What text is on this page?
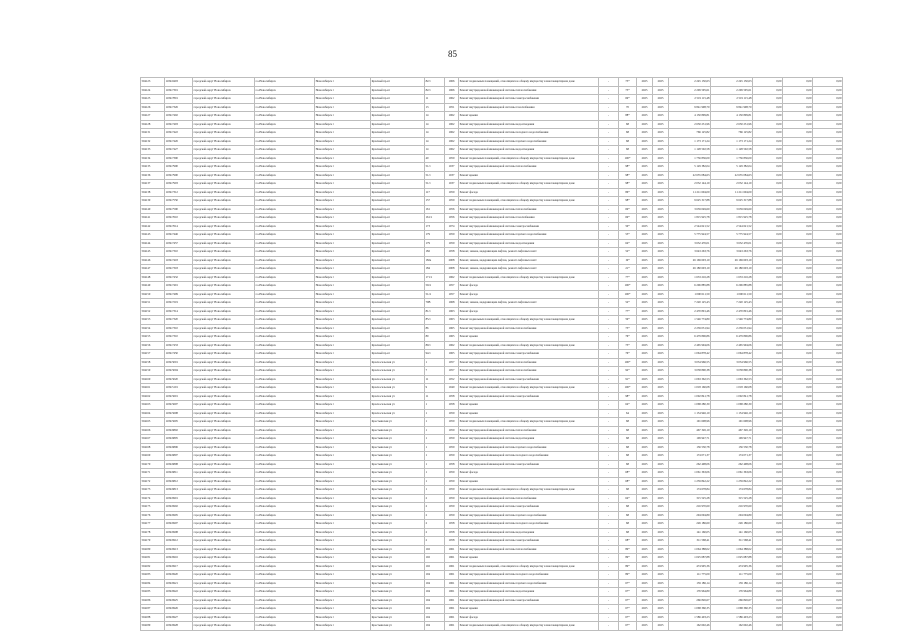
85
504123	1184/0403	городской округ Новосибирск	г.о.Новосибирск	Новосибирск г	Красный пр-кт	82/1	1966	Ремонт подвальных помещений, относящихся к общему имуществу в многоквартирном доме	-	75*	2025	2025	2 245 150,63	2 245 150,63	0,00	0,00	0,00
504124	1184/7301	городской округ Новосибирск	г.о.Новосибирск	Новосибирск г	Красный пр-кт	82/1	1966	Ремонт внутридомовой инженерной системы теплоснабжения	-	75*	2025	2025	2 209 595,61	2 209 595,61	0,00	0,00	0,00
504125	1184/7801	городской округ Новосибирск	г.о.Новосибирск	Новосибирск г	Красный пр-кт	11	1962	Ремонт внутридомовой инженерной системы электроснабжения	-	69*	2025	2025	2 519 115,48	2 519 115,48	0,00	0,00	0,00
504126	1184/7326	городской округ Новосибирск	г.о.Новосибирск	Новосибирск г	Красный пр-кт	13	1951	Ремонт внутридомовой инженерной системы газоснабжения	-	70	2025	2025	9 841 998,70	9 841 998,70	0,00	0,00	0,00
504127	1184/7402	городской округ Новосибирск	г.о.Новосибирск	Новосибирск г	Красный пр-кт	14	1962	Ремонт крыши	-	88*	2025	2025	4 150 899,81	4 150 899,81	0,00	0,00	0,00
504128	1184/7403	городской округ Новосибирск	г.о.Новосибирск	Новосибирск г	Красный пр-кт	14	1962	Ремонт внутридомовой инженерной системы водоотведения	-	68	2025	2025	2 650 231,96	2 650 231,96	0,00	0,00	0,00
504131	1184/7422	городской округ Новосибирск	г.о.Новосибирск	Новосибирск г	Красный пр-кт	14	1962	Ремонт внутридомовой инженерной системы холодного водоснабжения	-	68	2025	2025	766 125,82	766 125,82	0,00	0,00	0,00
504132	1184/7426	городской округ Новосибирск	г.о.Новосибирск	Новосибирск г	Красный пр-кт	14	1962	Ремонт внутридомовой инженерной системы горячего водоснабжения	-	68	2025	2025	1 173 171,24	1 173 171,24	0,00	0,00	0,00
504133	1184/7427	городской округ Новосибирск	г.о.Новосибирск	Новосибирск г	Красный пр-кт	14	1962	Ремонт внутридомовой инженерной системы водоотведения	-	68	2025	2025	1 128 502,58	1 128 502,58	0,00	0,00	0,00
504134	1184/7390	городской округ Новосибирск	г.о.Новосибирск	Новосибирск г	Красный пр-кт	40	1959	Ремонт подвальных помещений, относящихся к общему имуществу в многоквартирном доме	-	100*	2025	2025	1 756 836,09	1 756 836,09	0,00	0,00	0,00
504135	1184/7900	городской округ Новосибирск	г.о.Новосибирск	Новосибирск г	Красный пр-кт	51/1	1937	Ремонт внутридомовой инженерной системы теплоснабжения	-	98*	2025	2025	5 129 382,04	5 129 382,04	0,00	0,00	0,00
504136	1184/7900	городской округ Новосибирск	г.о.Новосибирск	Новосибирск г	Красный пр-кт	51/1	1937	Ремонт крыши	-	98*	2025	2025	22 655 084,63	22 655 084,63	0,00	0,00	0,00
504137	1184/7903	городской округ Новосибирск	г.о.Новосибирск	Новосибирск г	Красный пр-кт	51/1	1937	Ремонт подвальных помещений, относящихся к общему имуществу в многоквартирном доме	-	98*	2025	2025	2 032 144,19	2 032 144,19	0,00	0,00	0,00
504138	1184/7312	городской округ Новосибирск	г.о.Новосибирск	Новосибирск г	Красный пр-кт	117	1959	Ремонт фасада	-	86*	2025	2025	11 211 604,09	11 211 604,09	0,00	0,00	0,00
504139	1184/7550	городской округ Новосибирск	г.о.Новосибирск	Новосибирск г	Красный пр-кт	157	1959	Ремонт подвальных помещений, относящихся к общему имуществу в многоквартирном доме	-	98*	2025	2025	9 625 317,88	9 625 317,88	0,00	0,00	0,00
504140	1184/7590	городской округ Новосибирск	г.о.Новосибирск	Новосибирск г	Красный пр-кт	161	1956	Ремонт внутридомовой инженерной системы теплоснабжения	-	69*	2025	2025	3 659 049,60	3 659 049,60	0,00	0,00	0,00
504141	1184/7610	городской округ Новосибирск	г.о.Новосибирск	Новосибирск г	Красный пр-кт	161/1	1956	Ремонт внутридомовой инженерной системы газоснабжения	-	69*	2025	2025	1 815 925,78	1 815 925,78	0,00	0,00	0,00
504142	1184/7614	городской округ Новосибирск	г.о.Новосибирск	Новосибирск г	Красный пр-кт	173	1974	Ремонт внутридомовой инженерной системы электроснабжения	-	50*	2025	2025	2 544 621,52	2 544 621,52	0,00	0,00	0,00
504143	1184/7446	городской округ Новосибирск	г.о.Новосибирск	Новосибирск г	Красный пр-кт	179	1959	Ремонт внутридомовой инженерной системы горячего водоснабжения	-	55*	2025	2025	5 775 924,57	5 775 924,57	0,00	0,00	0,00
504144	1184/7457	городской округ Новосибирск	г.о.Новосибирск	Новосибирск г	Красный пр-кт	179	1959	Ремонт внутридомовой инженерной системы водоотведения	-	64*	2025	2025	3 632 476,01	3 632 476,01	0,00	0,00	0,00
504145	1184/7310	городской округ Новосибирск	г.о.Новосибирск	Новосибирск г	Красный пр-кт	182	1958	Ремонт, замена, модернизация лифтов, ремонт лифтовых шахт	-	52*	2025	2025	3 643 263,76	3 643 263,76	0,00	0,00	0,00
504146	1184/7418	городской округ Новосибирск	г.о.Новосибирск	Новосибирск г	Красный пр-кт	182а	2008	Ремонт, замена, модернизация лифтов, ремонт лифтовых шахт	-	19*	2025	2025	26 169 603,19	26 169 603,19	0,00	0,00	0,00
504147	1184/7318	городской округ Новосибирск	г.о.Новосибирск	Новосибирск г	Красный пр-кт	184	2008	Ремонт, замена, модернизация лифтов, ремонт лифтовых шахт	-	21*	2025	2025	26 180 603,19	26 180 603,19	0,00	0,00	0,00
504148	1184/7432	городской округ Новосибирск	г.о.Новосибирск	Новосибирск г	Красный пр-кт	171/1	1962	Ремонт подвальных помещений, относящихся к общему имуществу в многоквартирном доме	-	77*	2025	2025	1 633 216,28	1 633 216,28	0,00	0,00	0,00
504149	1184/7491	городской округ Новосибирск	г.о.Новосибирск	Новосибирск г	Красный пр-кт	50/4	1957	Ремонт фасада	-	100*	2025	2025	6 206 885,88	6 206 885,88	0,00	0,00	0,00
504150	1184/7499	городской округ Новосибирск	г.о.Новосибирск	Новосибирск г	Красный пр-кт	51/4	1957	Ремонт фасада	-	100*	2025	2025	1 090 611,50	1 090 611,50	0,00	0,00	0,00
504151	1184/7219	городской округ Новосибирск	г.о.Новосибирск	Новосибирск г	Красный пр-кт	79В	1968	Ремонт, замена, модернизация лифтов, ремонт лифтовых шахт	-	52*	2025	2025	7 220 125,43	7 220 125,43	0,00	0,00	0,00
504152	1184/7314	городской округ Новосибирск	г.о.Новосибирск	Новосибирск г	Красный пр-кт	81/1	1963	Ремонт фасада	-	77*	2025	2025	2 470 801,46	2 470 801,46	0,00	0,00	0,00
504153	1184/7320	городской округ Новосибирск	г.о.Новосибирск	Новосибирск г	Красный пр-кт	85/1	1963	Ремонт подвальных помещений, относящихся к общему имуществу в многоквартирном доме	-	59*	2025	2025	1 546 774,80	1 546 774,80	0,00	0,00	0,00
504154	1184/7310	городской округ Новосибирск	г.о.Новосибирск	Новосибирск г	Красный пр-кт	86	1965	Ремонт внутридомовой инженерной системы теплоснабжения	-	75*	2025	2025	2 239 031,94	2 239 031,94	0,00	0,00	0,00
504155	1184/7310	городской округ Новосибирск	г.о.Новосибирск	Новосибирск г	Красный пр-кт	89	1965	Ремонт крыши	-	76*	2025	2025	6 479 806,86	6 479 806,86	0,00	0,00	0,00
504156	1184/7433	городской округ Новосибирск	г.о.Новосибирск	Новосибирск г	Красный пр-кт	89/1	1962	Ремонт подвальных помещений, относящихся к общему имуществу в многоквартирном доме	-	75*	2025	2025	2 465 994,06	2 465 994,06	0,00	0,00	0,00
504157	1184/7450	городской округ Новосибирск	г.о.Новосибирск	Новосибирск г	Красный пр-кт	94/1	1965	Ремонт внутридомовой инженерной системы электроснабжения	-	76*	2025	2025	1 064 878,42	1 064 878,42	0,00	0,00	0,00
504158	1184/5001	городской округ Новосибирск	г.о.Новосибирск	Новосибирск г	Красносельская ул	1	1957	Ремонт внутридомовой инженерной системы теплоснабжения	-	100*	2025	2025	3 034 966,55	3 034 966,55	0,00	0,00	0,00
504159	1184/5004	городской округ Новосибирск	г.о.Новосибирск	Новосибирск г	Красносельская ул	7	1957	Ремонт внутридомовой инженерной системы теплоснабжения	-	92*	2025	2025	3 058 890,38	3 058 890,38	0,00	0,00	0,00
504160	1184/5020	городской округ Новосибирск	г.о.Новосибирск	Новосибирск г	Красносельская ул	11	1952	Ремонт внутридомовой инженерной системы электроснабжения	-	91*	2025	2025	1 063 362,53	1 063 362,53	0,00	0,00	0,00
504161	1184/5101	городской округ Новосибирск	г.о.Новосибирск	Новосибирск г	Красносельская ул	9	1940	Ремонт подвальных помещений, относящихся к общему имуществу в многоквартирном доме	-	100*	2025	2025	1 018 160,08	1 018 160,08	0,00	0,00	0,00
504162	1184/5601	городской округ Новосибирск	г.о.Новосибирск	Новосибирск г	Красносельская ул	11	1958	Ремонт внутридомовой инженерной системы электроснабжения	-	98*	2025	2025	1 002 841,78	1 002 841,78	0,00	0,00	0,00
504163	1184/5607	городской округ Новосибирск	г.о.Новосибирск	Новосибирск г	Красносельская ул	1	1958	Ремонт крыши	-	64*	2025	2025	1 068 280,30	1 068 280,30	0,00	0,00	0,00
504164	1184/5608	городской округ Новосибирск	г.о.Новосибирск	Новосибирск г	Красносельская ул	1	1959	Ремонт крыши	-	64	2025	2025	1 154 946,10	1 154 946,10	0,00	0,00	0,00
504165	1184/5605	городской округ Новосибирск	г.о.Новосибирск	Новосибирск г	Крестьянская ул	1	1959	Ремонт подвальных помещений, относящихся к общему имуществу в многоквартирном доме	-	68	2025	2025	191 608,96	191 608,96	0,00	0,00	0,00
504166	1184/6802	городской округ Новосибирск	г.о.Новосибирск	Новосибирск г	Крестьянская ул	1	1959	Ремонт внутридомовой инженерной системы теплоснабжения	-	68	2025	2025	467 326,10	467 326,10	0,00	0,00	0,00
504167	1184/6805	городской округ Новосибирск	г.о.Новосибирск	Новосибирск г	Крестьянская ул	1	1959	Ремонт внутридомовой инженерной системы водоотведения	-	68	2025	2025	109 947,71	109 947,71	0,00	0,00	0,00
504168	1184/6806	городской округ Новосибирск	г.о.Новосибирск	Новосибирск г	Крестьянская ул	1	1959	Ремонт внутридомовой инженерной системы горячего водоснабжения	-	68	2025	2025	156 530,78	156 530,78	0,00	0,00	0,00
504169	1184/6807	городской округ Новосибирск	г.о.Новосибирск	Новосибирск г	Крестьянская ул	1	1959	Ремонт внутридомовой инженерной системы холодного водоснабжения	-	68	2025	2025	174 071,37	174 071,37	0,00	0,00	0,00
504170	1184/6808	городской округ Новосибирск	г.о.Новосибирск	Новосибирск г	Крестьянская ул	1	1958	Ремонт внутридомовой инженерной системы электроснабжения	-	68	2025	2025	262 498,06	262 498,06	0,00	0,00	0,00
504171	1184/6811	городской округ Новосибирск	г.о.Новосибирск	Новосибирск г	Крестьянская ул	1	1959	Ремонт фасада	-	68*	2025	2025	1 061 363,06	1 061 363,06	0,00	0,00	0,00
504172	1184/6812	городской округ Новосибирск	г.о.Новосибирск	Новосибирск г	Крестьянская ул	1	1959	Ремонт крыши	-	68*	2025	2025	1 259 842,22	1 259 842,22	0,00	0,00	0,00
504173	1184/6813	городской округ Новосибирск	г.о.Новосибирск	Новосибирск г	Крестьянская ул	1	1959	Ремонт подвальных помещений, относящихся к общему имуществу в многоквартирном доме	-	68	2025	2025	174 678,84	174 678,84	0,00	0,00	0,00
504174	1184/6901	городской округ Новосибирск	г.о.Новосибирск	Новосибирск г	Крестьянская ул	2	1959	Ремонт внутридомовой инженерной системы теплоснабжения	-	64*	2025	2025	315 525,28	315 525,28	0,00	0,00	0,00
504175	1184/6902	городской округ Новосибирск	г.о.Новосибирск	Новосибирск г	Крестьянская ул	2	1959	Ремонт внутридомовой инженерной системы электроснабжения	-	68	2025	2025	216 970,60	216 970,60	0,00	0,00	0,00
504176	1184/6905	городской округ Новосибирск	г.о.Новосибирск	Новосибирск г	Крестьянская ул	2	1959	Ремонт внутридомовой инженерной системы горячего водоснабжения	-	68	2025	2025	204 094,89	204 094,89	0,00	0,00	0,00
504177	1184/6907	городской округ Новосибирск	г.о.Новосибирск	Новосибирск г	Крестьянская ул	2	1958	Ремонт внутридомовой инженерной системы холодного водоснабжения	-	68	2025	2025	226 186,60	226 186,60	0,00	0,00	0,00
504178	1184/6908	городской округ Новосибирск	г.о.Новосибирск	Новосибирск г	Крестьянская ул	2	1958	Ремонт внутридомовой инженерной системы водоотведения	-	68	2025	2025	141 160,05	141 160,05	0,00	0,00	0,00
504179	1184/6912	городской округ Новосибирск	г.о.Новосибирск	Новосибирск г	Крестьянская ул	2	1958	Ремонт внутридомовой инженерной системы электроснабжения	-	68*	2025	2025	311 568,41	311 568,41	0,00	0,00	0,00
504180	1184/6913	городской округ Новосибирск	г.о.Новосибирск	Новосибирск г	Крестьянская ул	102	1961	Ремонт внутридомовой инженерной системы теплоснабжения	-	89*	2025	2025	1 064 388,02	1 064 388,02	0,00	0,00	0,00
504181	1184/6916	городской округ Новосибирск	г.о.Новосибирск	Новосибирск г	Крестьянская ул	102	1961	Ремонт крыши	-	89*	2025	2025	1 025 687,88	1 025 687,88	0,00	0,00	0,00
504182	1184/6917	городской округ Новосибирск	г.о.Новосибирск	Новосибирск г	Крестьянская ул	102	1961	Ремонт подвальных помещений, относящихся к общему имуществу в многоквартирном доме	-	89*	2025	2025	474 995,36	474 995,36	0,00	0,00	0,00
504183	1184/6920	городской округ Новосибирск	г.о.Новосибирск	Новосибирск г	Крестьянская ул	104	1961	Ремонт внутридомовой инженерной системы холодного водоснабжения	-	89*	2025	2025	111 775,09	111 775,09	0,00	0,00	0,00
504184	1184/6921	городской округ Новосибирск	г.о.Новосибирск	Новосибирск г	Крестьянская ул	104	1961	Ремонт внутридомовой инженерной системы горячего водоснабжения	-	67*	2025	2025	159 186,14	159 186,14	0,00	0,00	0,00
504185	1184/6922	городской округ Новосибирск	г.о.Новосибирск	Новосибирск г	Крестьянская ул	104	1961	Ремонт внутридомовой инженерной системы водоотведения	-	67*	2025	2025	176 964,80	176 964,80	0,00	0,00	0,00
504186	1184/6925	городской округ Новосибирск	г.о.Новосибирск	Новосибирск г	Крестьянская ул	104	1961	Ремонт внутридомовой инженерной системы электроснабжения	-	67*	2025	2025	266 826,67	266 826,67	0,00	0,00	0,00
504187	1184/6926	городской округ Новосибирск	г.о.Новосибирск	Новосибирск г	Крестьянская ул	104	1961	Ремонт крыши	-	67*	2025	2025	1 068 360,35	1 068 360,35	0,00	0,00	0,00
504188	1184/6927	городской округ Новосибирск	г.о.Новосибирск	Новосибирск г	Крестьянская ул	104	1961	Ремонт фасада	-	67*	2025	2025	1 586 403,23	1 586 403,23	0,00	0,00	0,00
504189	1184/6928	городской округ Новосибирск	г.о.Новосибирск	Новосибирск г	Крестьянская ул	104	1961	Ремонт подвальных помещений, относящихся к общему имуществу в многоквартирном доме	-	67*	2025	2025	162 602,46	162 602,46	0,00	0,00	0,00
